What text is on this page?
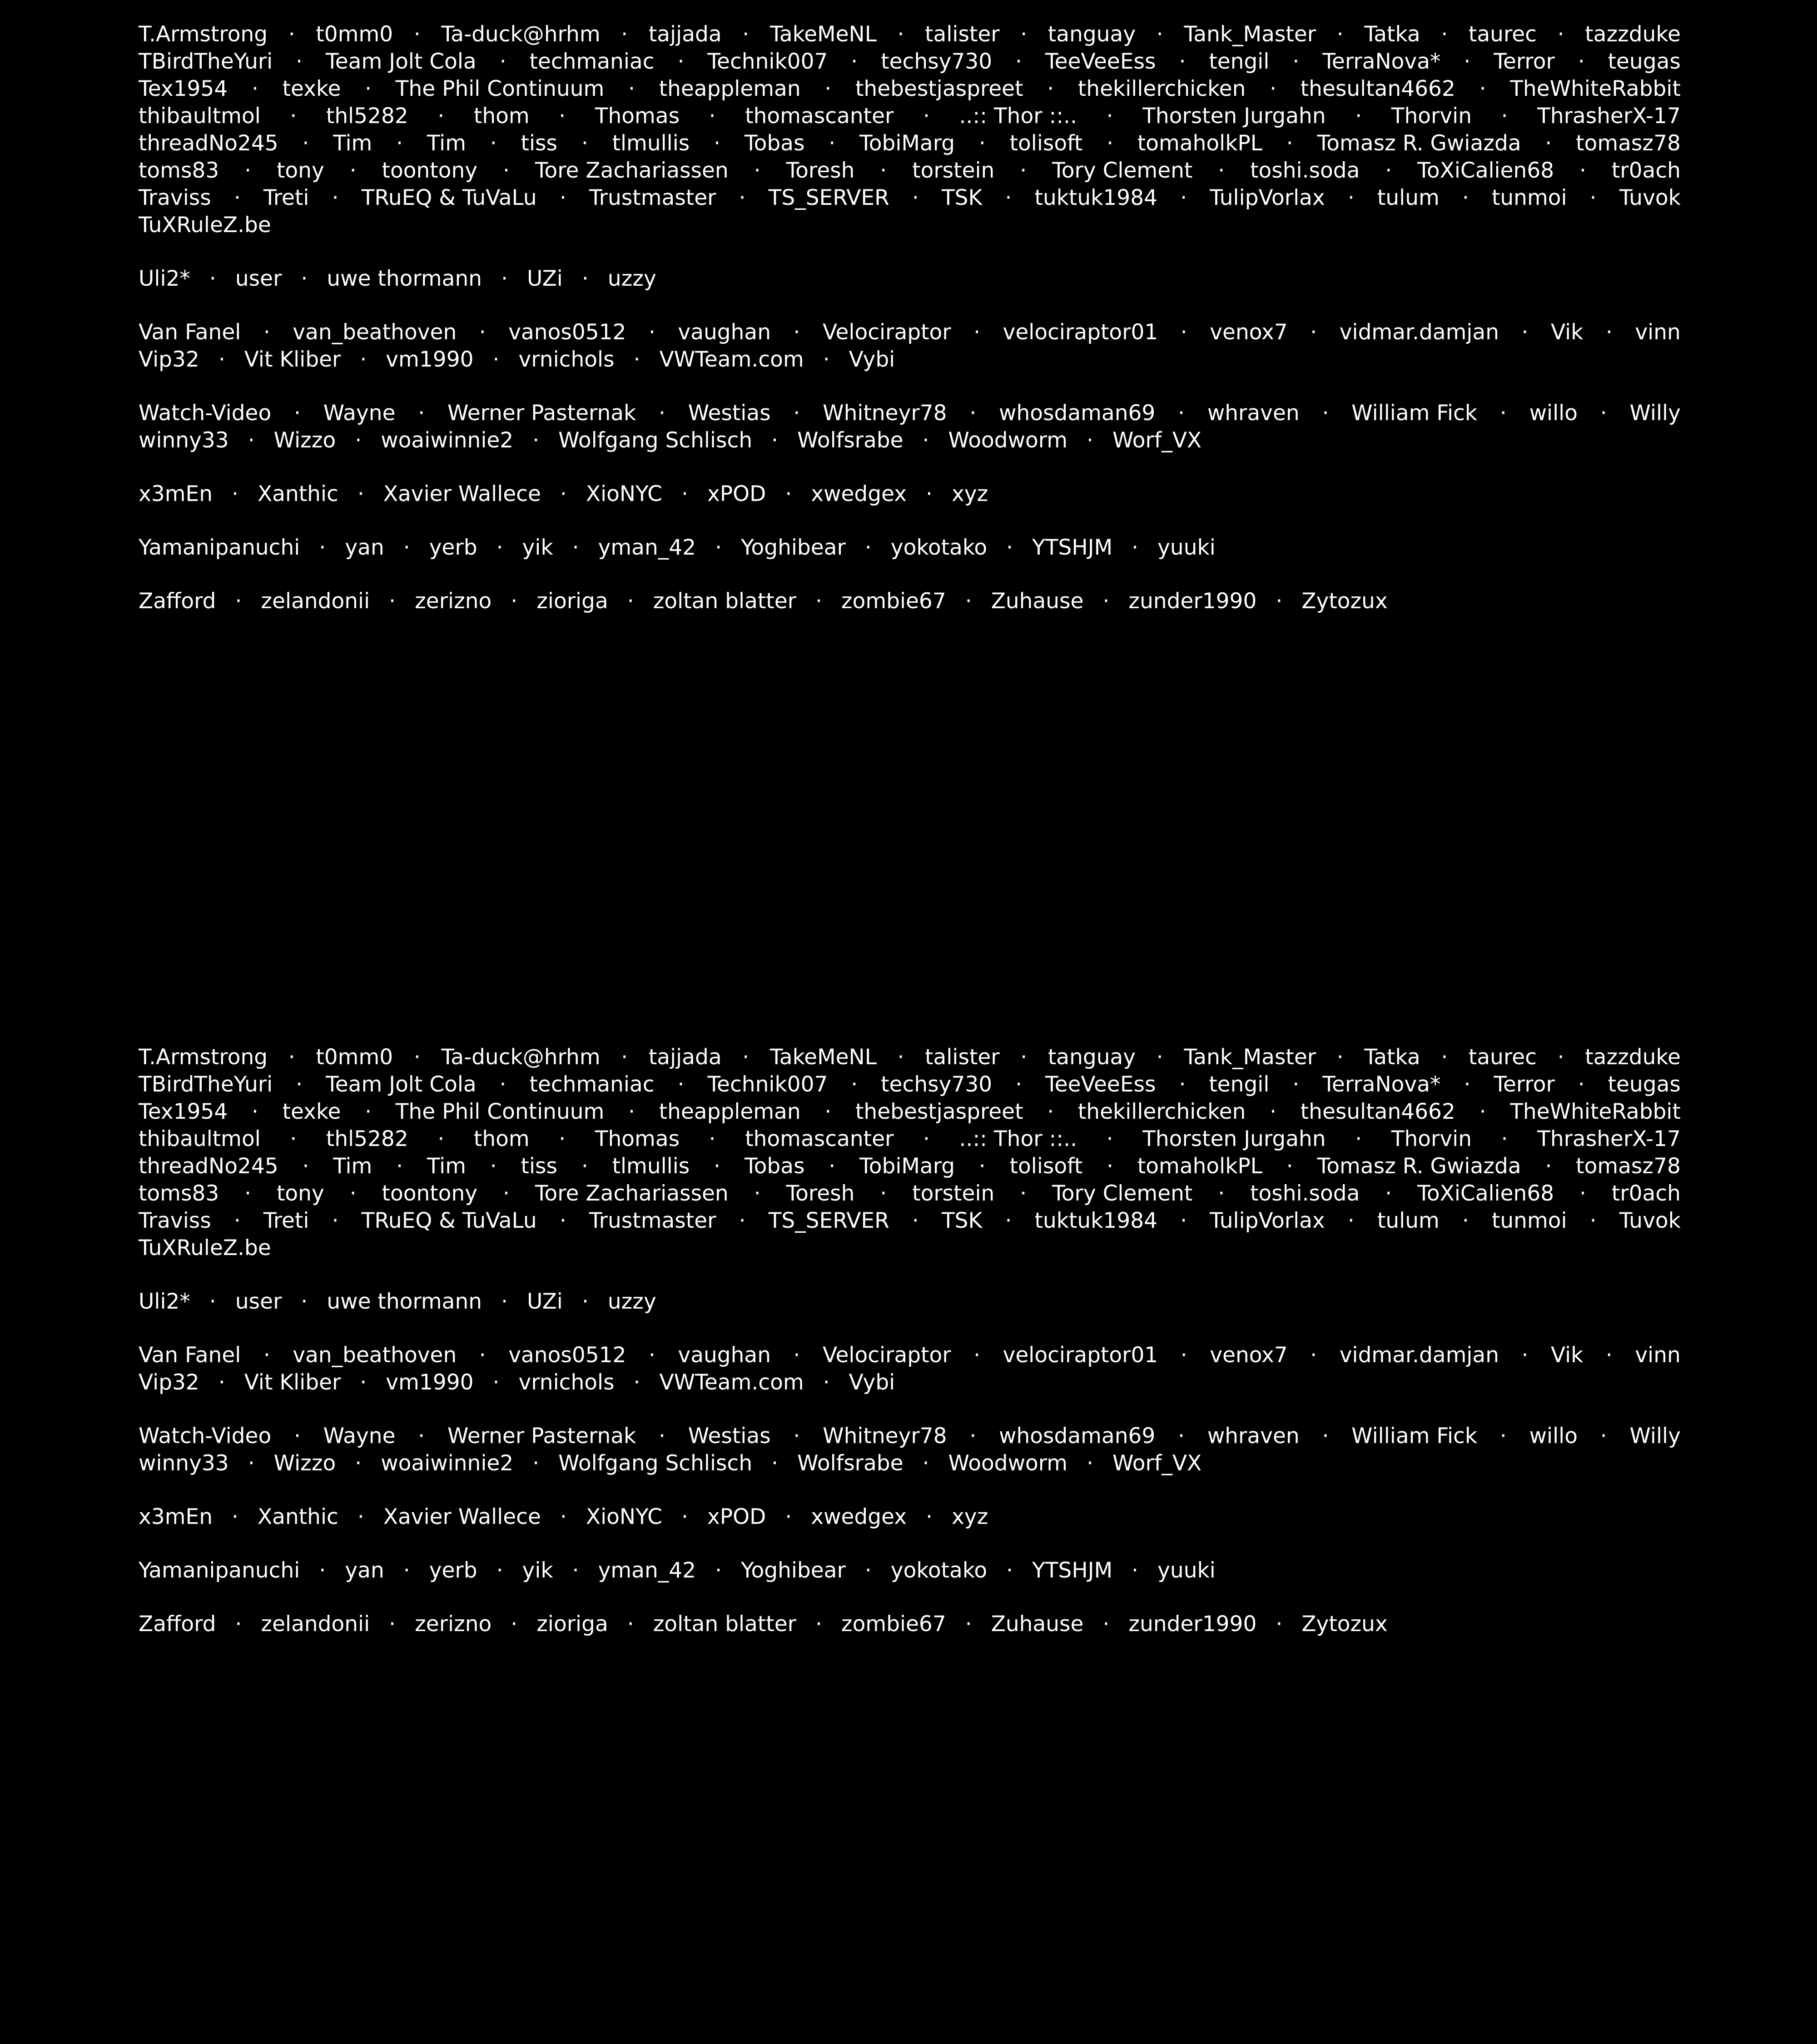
T.Armstrong · t0mm0 · Ta-duck@hrhm · tajjada · TakeMeNL · talister · tanguay · Tank_Master · Tatka · taurec · tazzduke
TBirdTheYuri · Team Jolt Cola · techmaniac · Technik007 · techsy730 · TeeVeeEss · tengil · TerraNova* · Terror · teugas
Tex1954 · texke · The Phil Continuum · theappleman · thebestjaspreet · thekillerchicken · thesultan4662 · TheWhiteRabbit
thibaultmol · thl5282 · thom · Thomas · thomascanter · ..:: Thor ::.. · Thorsten Jurgahn · Thorvin · ThrasherX-17
threadNo245 · Tim · Tim · tiss · tlmullis · Tobas · TobiMarg · tolisoft · tomaholkPL · Tomasz R. Gwiazda · tomasz78
toms83 · tony · toontony · Tore Zachariassen · Toresh · torstein · Tory Clement · toshi.soda · ToXiCalien68 · tr0ach
Traviss · Treti · TRuEQ & TuVaLu · Trustmaster · TS_SERVER · TSK · tuktuk1984 · TulipVorlax · tulum · tunmoi · Tuvok
TuXRuleZ.be
Uli2* · user · uwe thormann · UZi · uzzy
Van Fanel · van_beathoven · vanos0512 · vaughan · Velociraptor · velociraptor01 · venox7 · vidmar.damjan · Vik · vinn
Vip32 · Vit Kliber · vm1990 · vrnichols · VWTeam.com · Vybi
Watch-Video · Wayne · Werner Pasternak · Westias · Whitneyr78 · whosdaman69 · whraven · William Fick · willo · Willy
winny33 · Wizzo · woaiwinnie2 · Wolfgang Schlisch · Wolfsrabe · Woodworm · Worf_VX
x3mEn · Xanthic · Xavier Wallece · XioNYC · xPOD · xwedgex · xyz
Yamanipanuchi · yan · yerb · yik · yman_42 · Yoghibear · yokotako · YTSHJM · yuuki
Zafford · zelandonii · zerizno · zioriga · zoltan blatter · zombie67 · Zuhause · zunder1990 · Zytozux
T.Armstrong · t0mm0 · Ta-duck@hrhm · tajjada · TakeMeNL · talister · tanguay · Tank_Master · Tatka · taurec · tazzduke
TBirdTheYuri · Team Jolt Cola · techmaniac · Technik007 · techsy730 · TeeVeeEss · tengil · TerraNova* · Terror · teugas
Tex1954 · texke · The Phil Continuum · theappleman · thebestjaspreet · thekillerchicken · thesultan4662 · TheWhiteRabbit
thibaultmol · thl5282 · thom · Thomas · thomascanter · ..:: Thor ::.. · Thorsten Jurgahn · Thorvin · ThrasherX-17
threadNo245 · Tim · Tim · tiss · tlmullis · Tobas · TobiMarg · tolisoft · tomaholkPL · Tomasz R. Gwiazda · tomasz78
toms83 · tony · toontony · Tore Zachariassen · Toresh · torstein · Tory Clement · toshi.soda · ToXiCalien68 · tr0ach
Traviss · Treti · TRuEQ & TuVaLu · Trustmaster · TS_SERVER · TSK · tuktuk1984 · TulipVorlax · tulum · tunmoi · Tuvok
TuXRuleZ.be
Uli2* · user · uwe thormann · UZi · uzzy
Van Fanel · van_beathoven · vanos0512 · vaughan · Velociraptor · velociraptor01 · venox7 · vidmar.damjan · Vik · vinn
Vip32 · Vit Kliber · vm1990 · vrnichols · VWTeam.com · Vybi
Watch-Video · Wayne · Werner Pasternak · Westias · Whitneyr78 · whosdaman69 · whraven · William Fick · willo · Willy
winny33 · Wizzo · woaiwinnie2 · Wolfgang Schlisch · Wolfsrabe · Woodworm · Worf_VX
x3mEn · Xanthic · Xavier Wallece · XioNYC · xPOD · xwedgex · xyz
Yamanipanuchi · yan · yerb · yik · yman_42 · Yoghibear · yokotako · YTSHJM · yuuki
Zafford · zelandonii · zerizno · zioriga · zoltan blatter · zombie67 · Zuhause · zunder1990 · Zytozux
